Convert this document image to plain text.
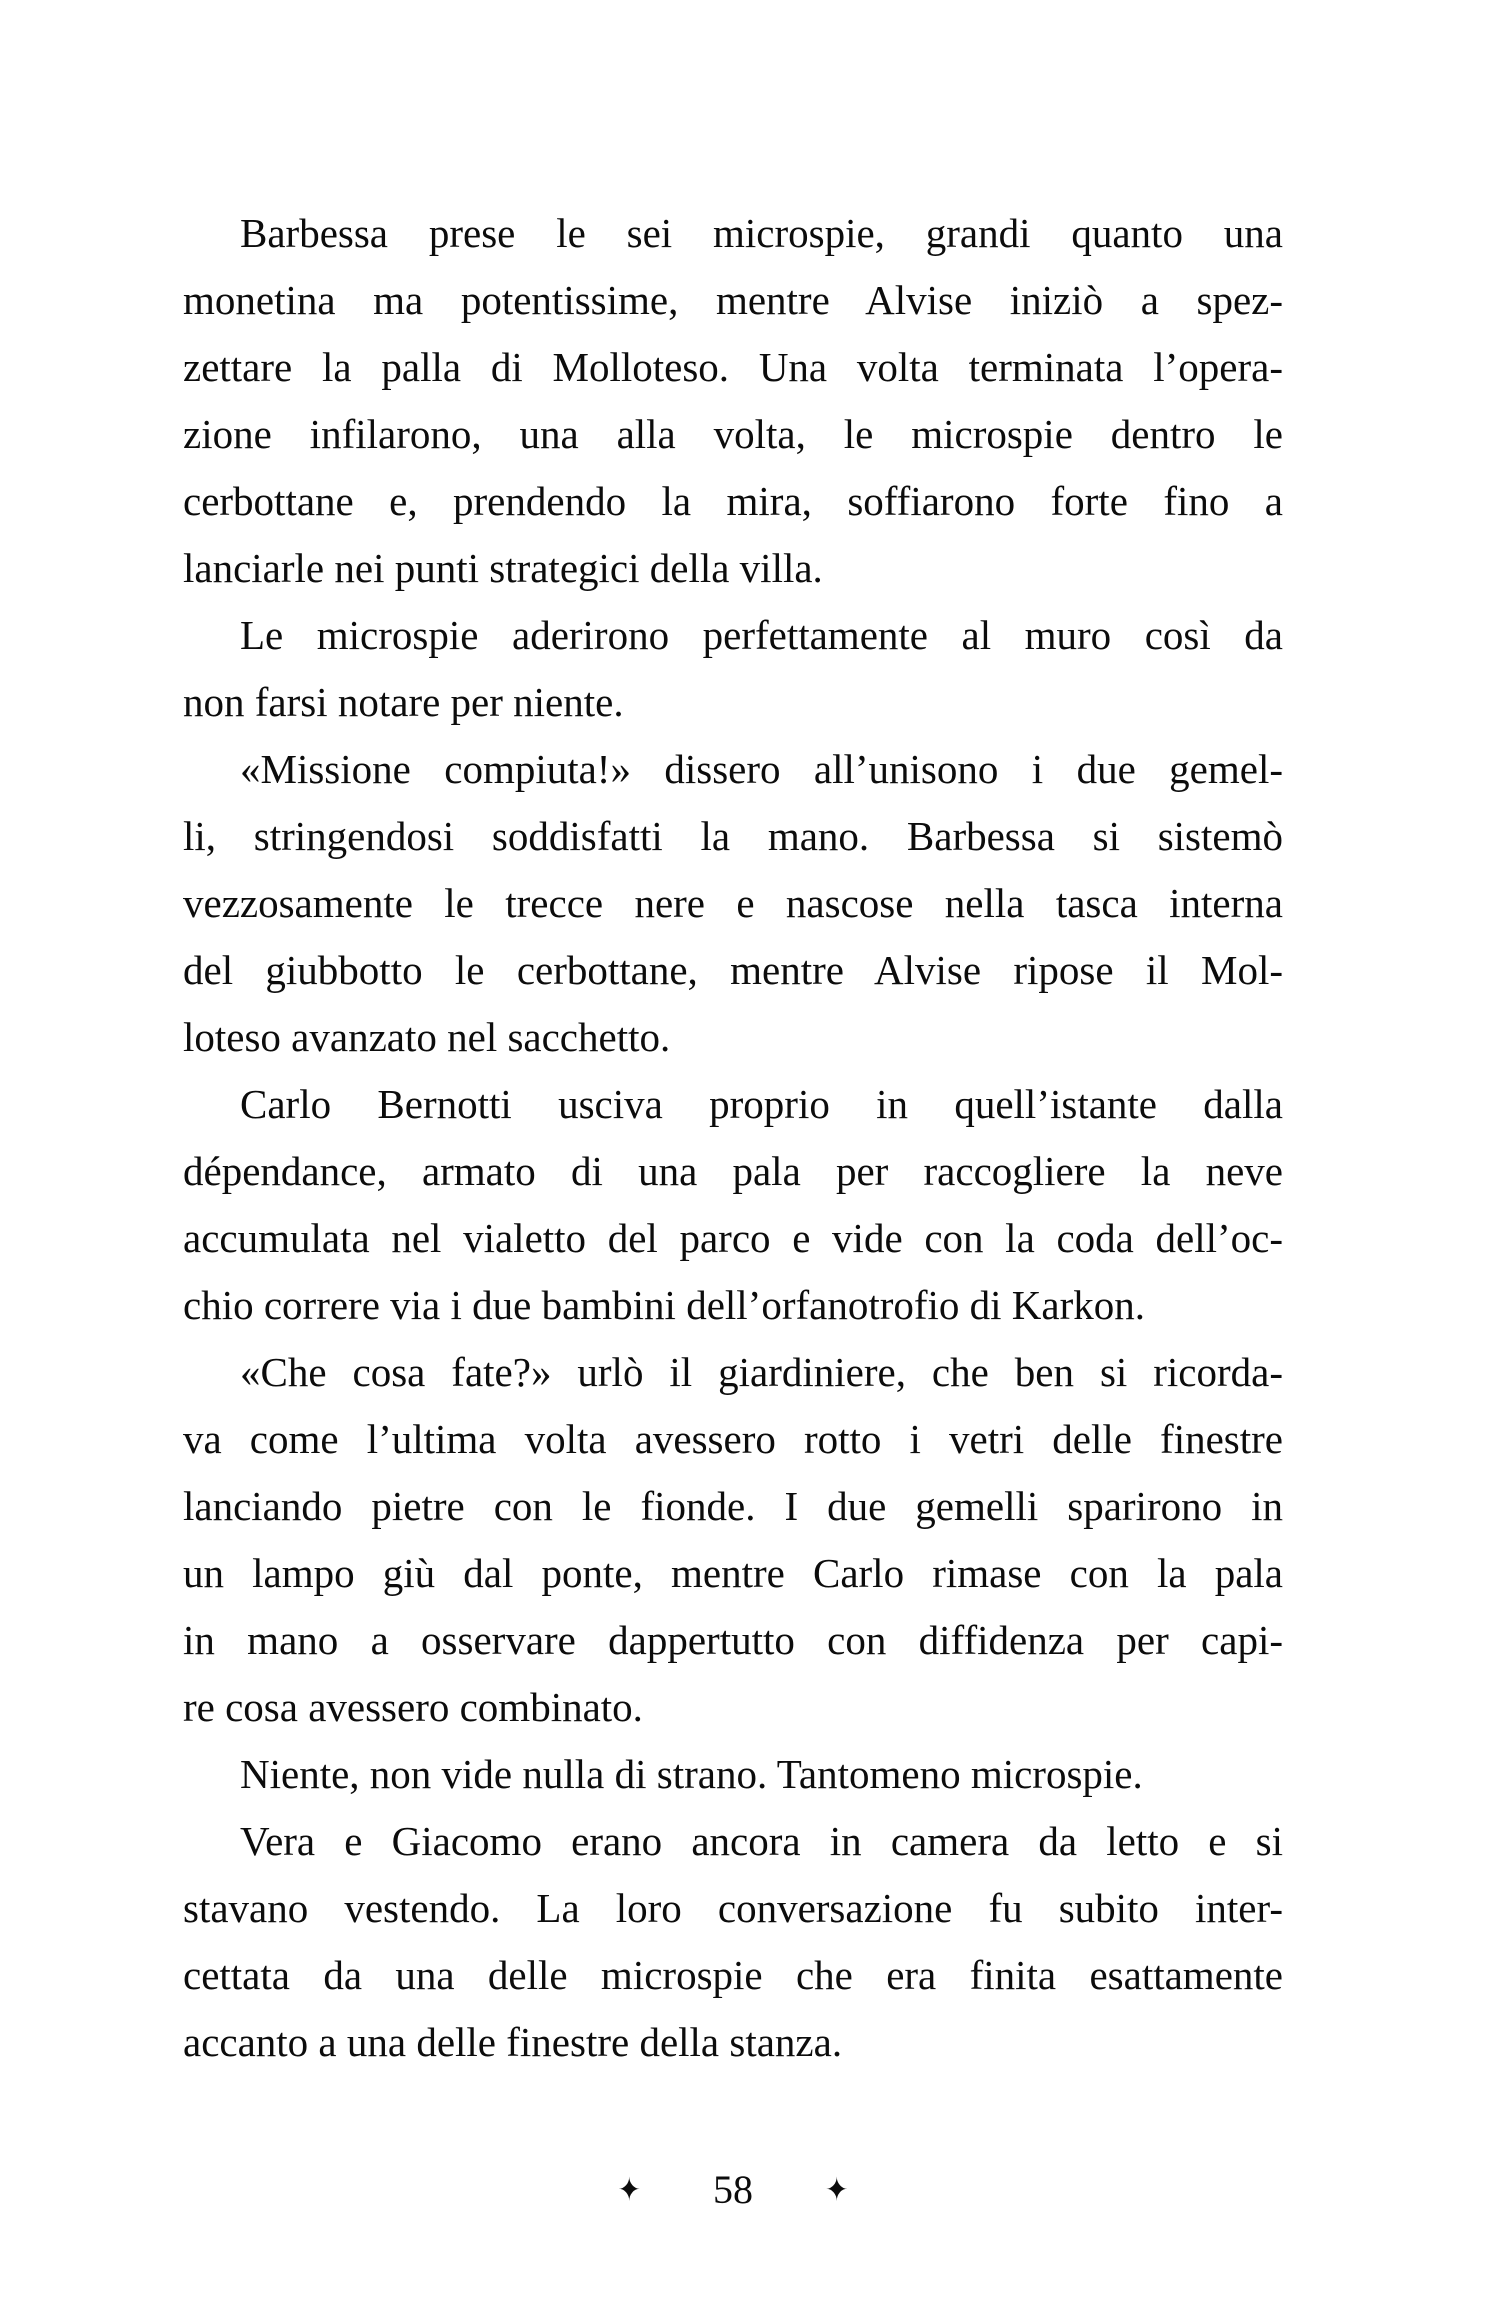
Barbessa prese le sei microspie, grandi quanto una
monetina ma potentissime, mentre Alvise iniziò a spez-
zettare la palla di Molloteso. Una volta terminata l’opera-
zione infilarono, una alla volta, le microspie dentro le
cerbottane e, prendendo la mira, soffiarono forte fino a
lanciarle nei punti strategici della villa.

Le microspie aderirono perfettamente al muro così da
non farsi notare per niente.

«Missione compiuta!» dissero all’unisono i due gemel-
li, stringendosi soddisfatti la mano. Barbessa si sistemò
vezzosamente le trecce nere e nascose nella tasca interna
del giubbotto le cerbottane, mentre Alvise ripose il Mol-
loteso avanzato nel sacchetto.

Carlo Bernotti usciva proprio in quell’istante dalla
dépendance, armato di una pala per raccogliere la neve
accumulata nel vialetto del parco e vide con la coda dell’oc-
chio correre via i due bambini dell’orfanotrofio di Karkon.

«Che cosa fate?» urlò il giardiniere, che ben si ricorda-
va come l’ultima volta avessero rotto i vetri delle finestre
lanciando pietre con le fionde. I due gemelli sparirono in
un lampo giù dal ponte, mentre Carlo rimase con la pala
in mano a osservare dappertutto con diffidenza per capi-
re cosa avessero combinato.

Niente, non vide nulla di strano. Tantomeno microspie.

Vera e Giacomo erano ancora in camera da letto e si
stavano vestendo. La loro conversazione fu subito inter-
cettata da una delle microspie che era finita esattamente
accanto a una delle finestre della stanza.

✦ 58	✦
